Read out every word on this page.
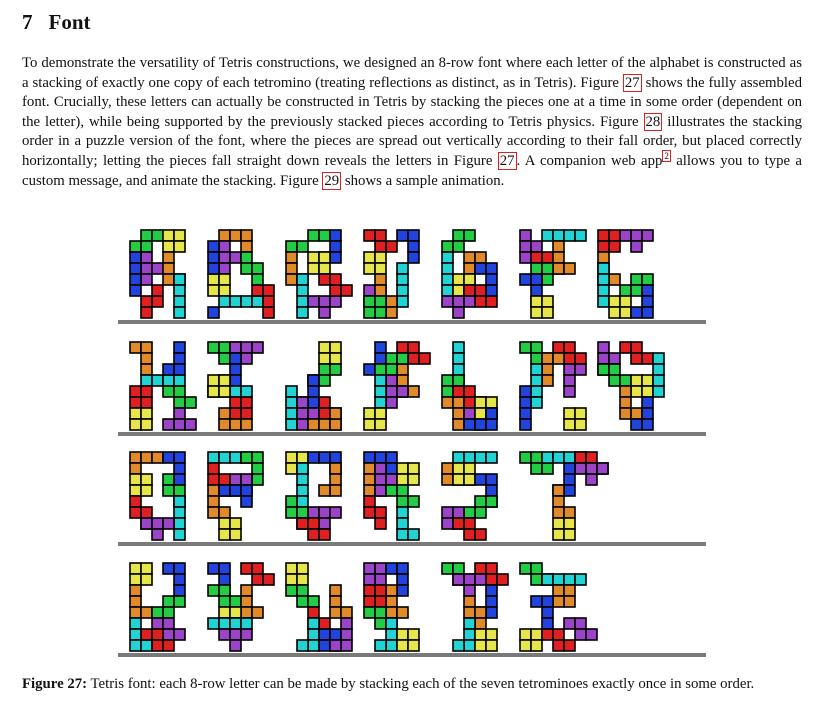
7 Font
To demonstrate the versatility of Tetris constructions, we designed an 8-row font where each letter of the alphabet is constructed as a stacking of exactly one copy of each tetromino (treating reflections as distinct, as in Tetris). Figure 27 shows the fully assembled font. Crucially, these letters can actually be constructed in Tetris by stacking the pieces one at a time in some order (dependent on the letter), while being supported by the previously stacked pieces according to Tetris physics. Figure 28 illustrates the stacking order in a puzzle version of the font, where the pieces are spread out vertically according to their fall order, but placed correctly horizontally; letting the pieces fall straight down reveals the letters in Figure 27 . A companion web app $^2$ allows you to type a custom message, and animate the stacking. Figure 29 shows a sample animation.
Figure 27: Tetris font: each 8-row letter can be made by stacking each of the seven tetrominoes exactly once in some order.
